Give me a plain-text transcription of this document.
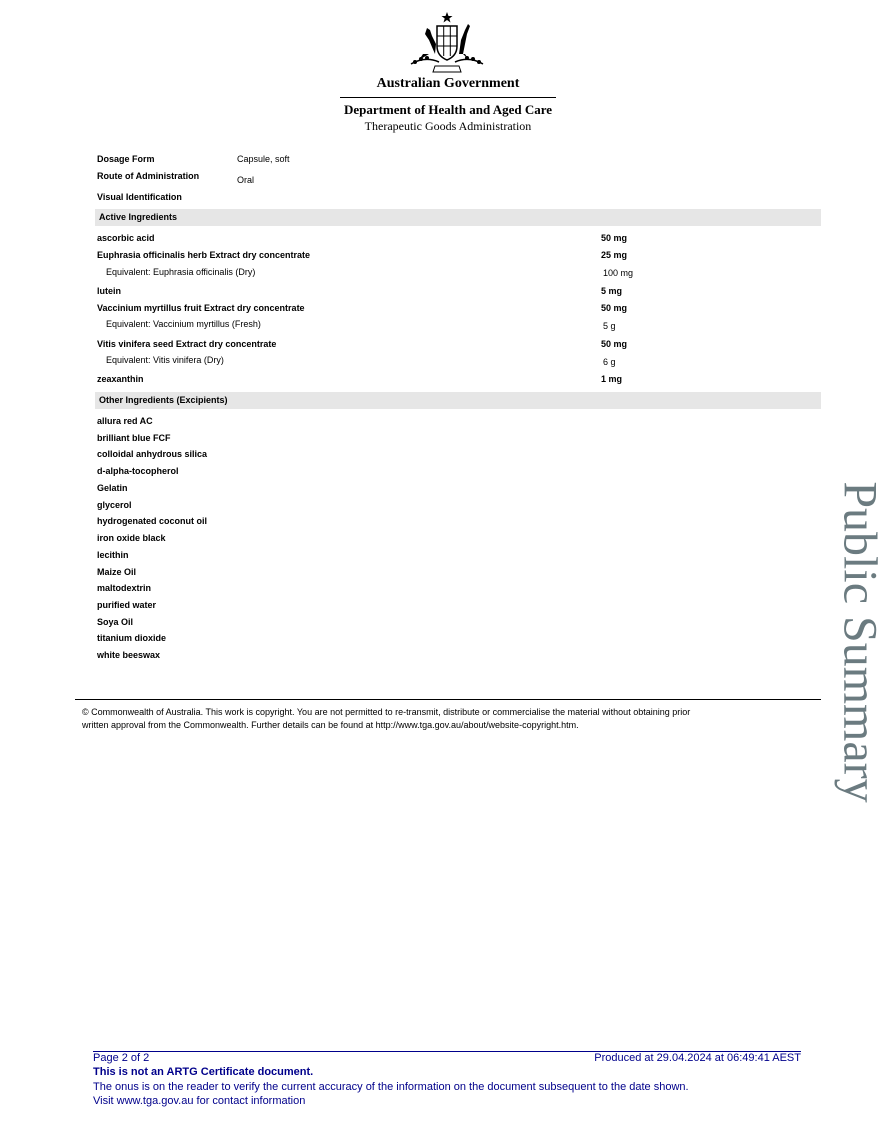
Australian Government
Department of Health and Aged Care
Therapeutic Goods Administration
Dosage Form	Capsule, soft
Route of Administration	Oral
Visual Identification
Active Ingredients
ascorbic acid	50 mg
Euphrasia officinalis herb Extract dry concentrate	25 mg
Equivalent: Euphrasia officinalis (Dry)	100 mg
lutein	5 mg
Vaccinium myrtillus fruit Extract dry concentrate	50 mg
Equivalent: Vaccinium myrtillus (Fresh)	5 g
Vitis vinifera seed Extract dry concentrate	50 mg
Equivalent: Vitis vinifera (Dry)	6 g
zeaxanthin	1 mg
Other Ingredients (Excipients)
allura red AC
brilliant blue FCF
colloidal anhydrous silica
d-alpha-tocopherol
Gelatin
glycerol
hydrogenated coconut oil
iron oxide black
lecithin
Maize Oil
maltodextrin
purified water
Soya Oil
titanium dioxide
white beeswax
© Commonwealth of Australia. This work is copyright. You are not permitted to re-transmit, distribute or commercialise the material without obtaining prior
written approval from the Commonwealth. Further details can be found at http://www.tga.gov.au/about/website-copyright.htm.	Public Summary
Page 2 of 2	Produced at 29.04.2024 at 06:49:41 AEST
This is not an ARTG Certificate document.
The onus is on the reader to verify the current accuracy of the information on the document subsequent to the date shown.
Visit www.tga.gov.au for contact information
